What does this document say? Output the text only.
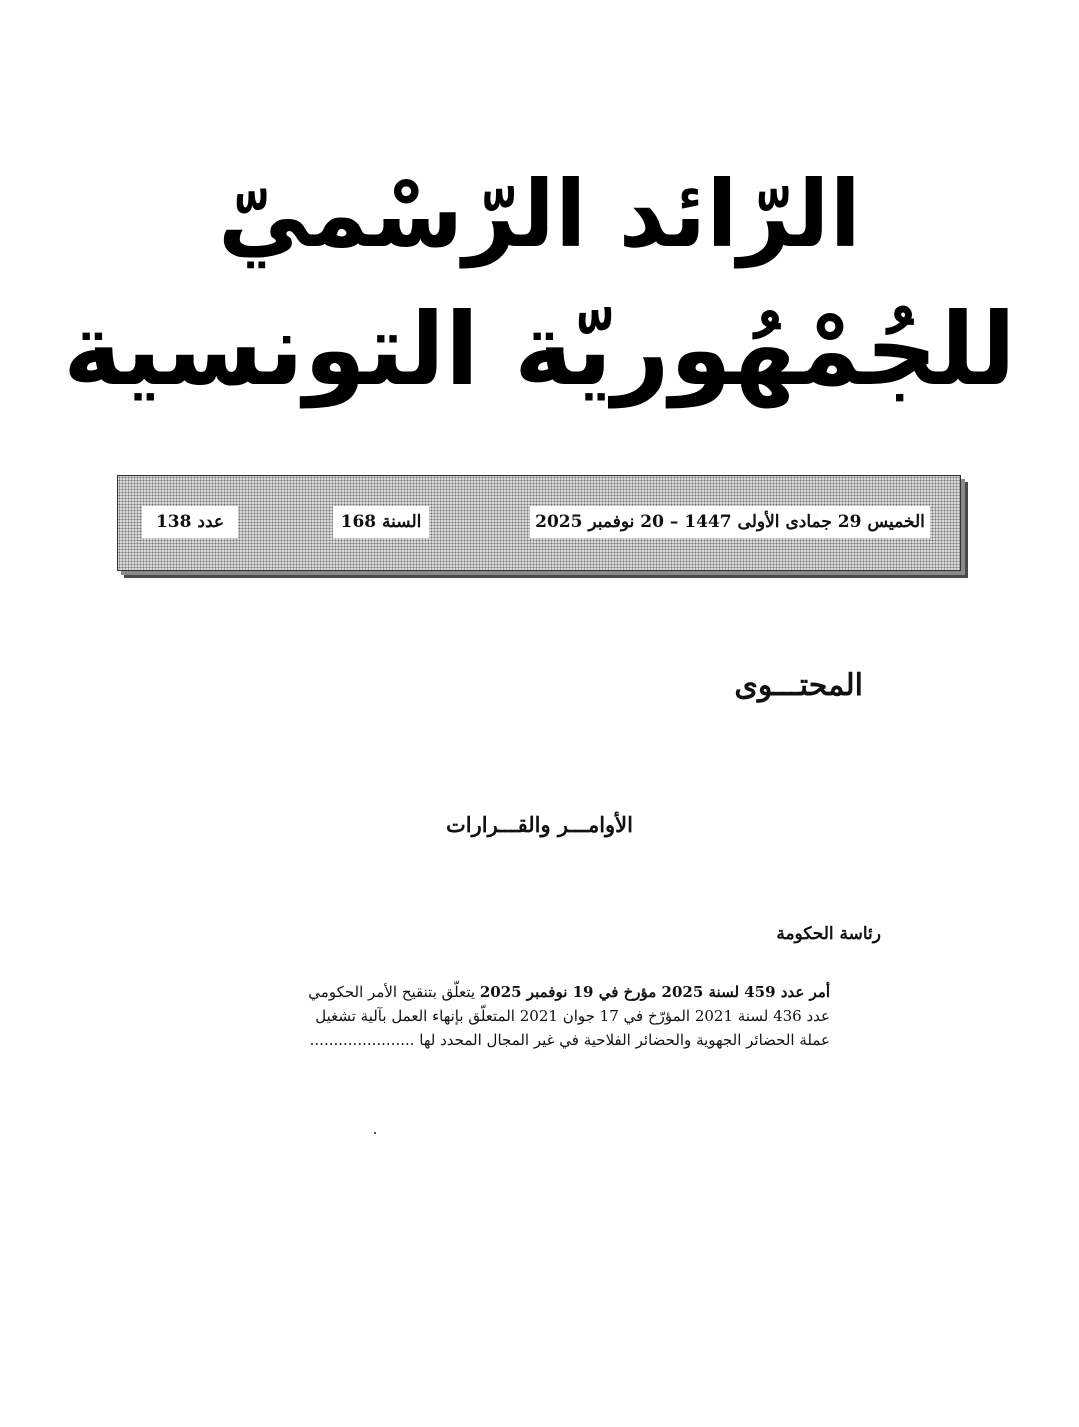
الرّائد الرّسْميّ
للجُمْهُوريّة التونسية
الخميس 29 جمادى الأولى 1447 – 20 نوفمبر 2025
السنة 168
عدد 138
المحتـــوى
الأوامـــر والقـــرارات
رئاسة الحكومة
أمر عدد 459 لسنة 2025 مؤرخ في 19 نوفمبر 2025 يتعلّق بتنقيح الأمر الحكومي
عدد 436 لسنة 2021 المؤرّخ في 17 جوان 2021 المتعلّق بإنهاء العمل بآلية تشغيل
عملة الحضائر الجهوية والحضائر الفلاحية في غير المجال المحدد لها ......................
